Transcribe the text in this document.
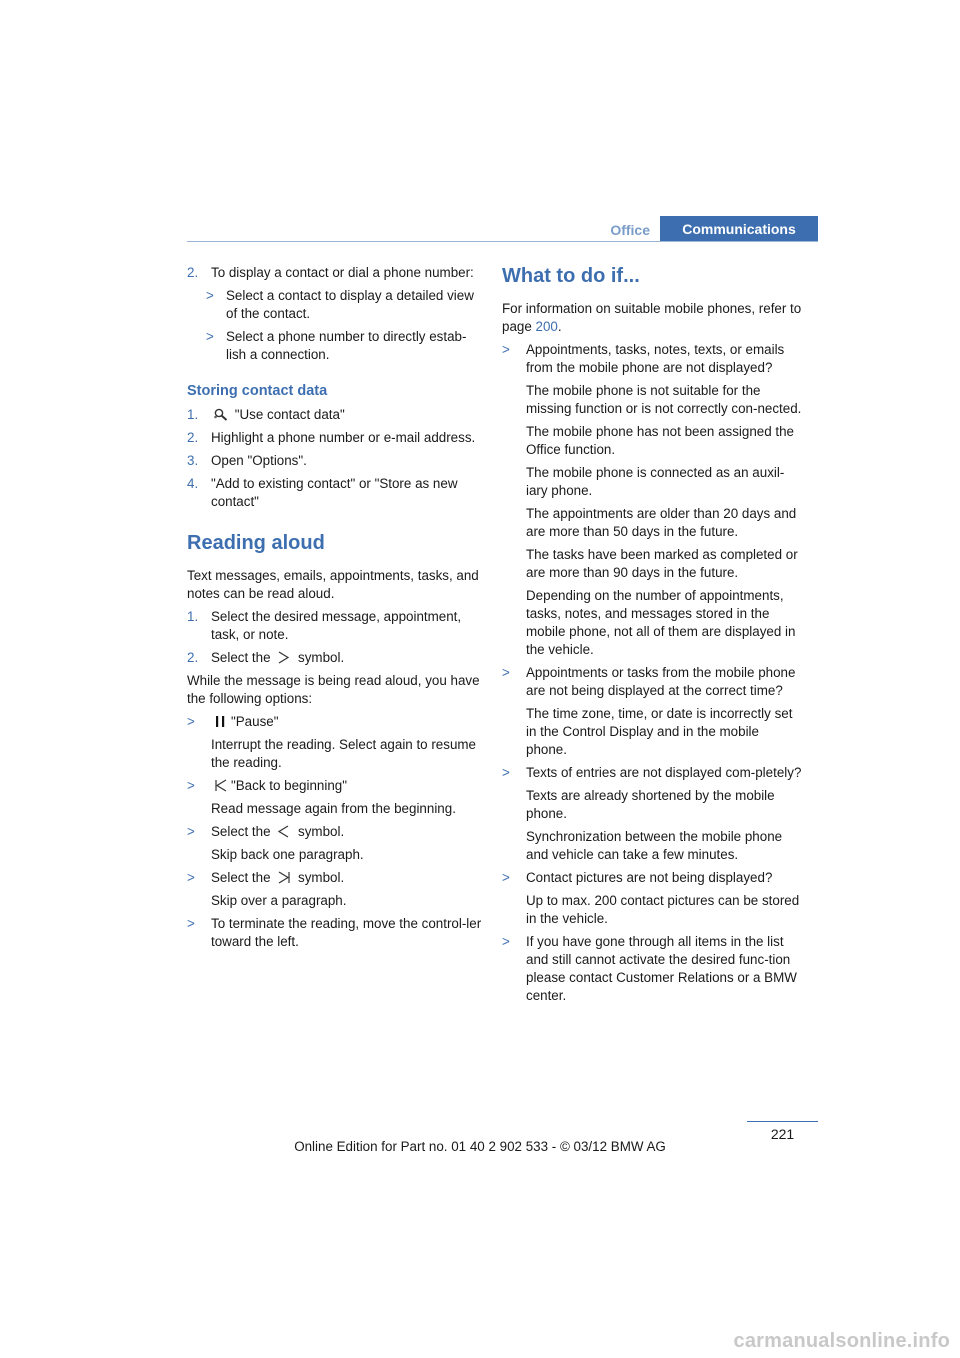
Office	Communications
2. To display a contact or dial a phone number:
> Select a contact to display a detailed view of the contact.
> Select a phone number to directly estab-lish a connection.
Storing contact data
1.	"Use contact data"
2. Highlight a phone number or e-mail address.
3. Open "Options".
4. "Add to existing contact" or "Store as new contact"
Reading aloud

Text messages, emails, appointments, tasks, and notes can be read aloud.

1. Select the desired message, appointment, task, or note.
2. Select the symbol.

While the message is being read aloud, you have the following options:

> "Pause"
Interrupt the reading. Select again to resume the reading.
> "Back to beginning"
Read message again from the beginning.
> Select the symbol.
Skip back one paragraph.
> Select the symbol.
Skip over a paragraph.
> To terminate the reading, move the control-ler toward the left.
What to do if...

For information on suitable mobile phones, refer to page 200.

> Appointments, tasks, notes, texts, or emails from the mobile phone are not displayed?
The mobile phone is not suitable for the missing function or is not correctly con-nected.
The mobile phone has not been assigned the Office function.
The mobile phone is connected as an auxil-iary phone.
The appointments are older than 20 days and are more than 50 days in the future.
The tasks have been marked as completed or are more than 90 days in the future.
Depending on the number of appointments, tasks, notes, and messages stored in the mobile phone, not all of them are displayed in the vehicle.
> Appointments or tasks from the mobile phone are not being displayed at the correct time?
The time zone, time, or date is incorrectly set in the Control Display and in the mobile phone.
> Texts of entries are not displayed com-pletely?
Texts are already shortened by the mobile phone.
Synchronization between the mobile phone and vehicle can take a few minutes.
> Contact pictures are not being displayed?
Up to max. 200 contact pictures can be stored in the vehicle.
> If you have gone through all items in the list and still cannot activate the desired func-tion please contact Customer Relations or a BMW center.
221
Online Edition for Part no. 01 40 2 902 533 - © 03/12 BMW AG
carmanualsonline.info
